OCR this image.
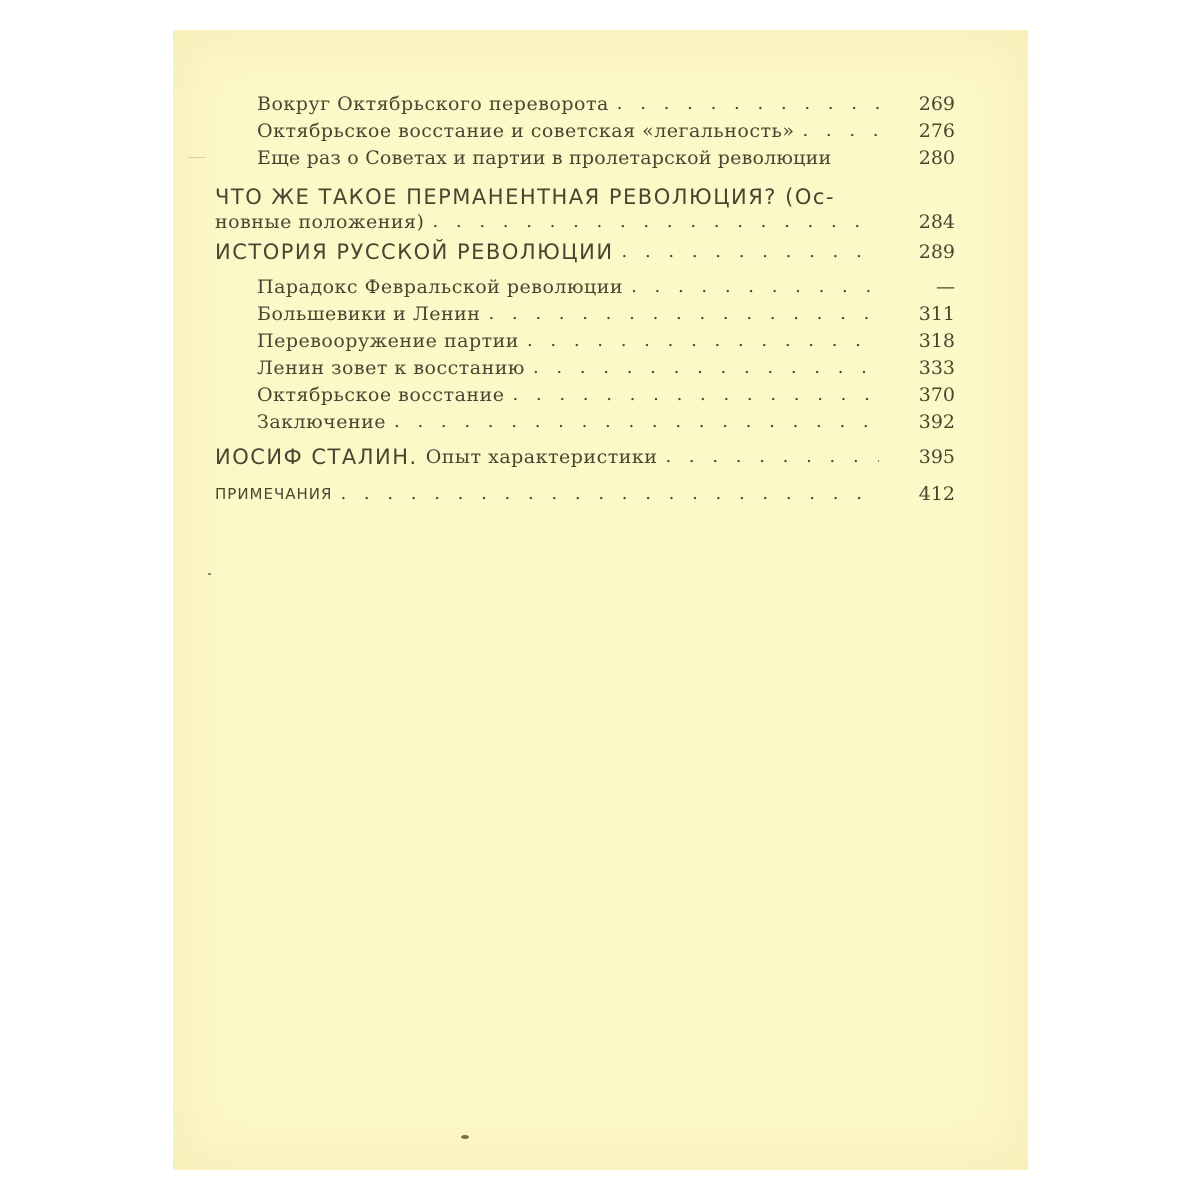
Вокруг Октябрьского переворота . . .	269
Октябрьское восстание и советская «легальность» . . .	276
Еще раз о Советах и партии в пролетарской революции	280
ЧТО ЖЕ ТАКОЕ ПЕРМАНЕНТНАЯ РЕВОЛЮЦИЯ? (Ос-
новные положения) . . .	284
ИСТОРИЯ РУССКОЙ РЕВОЛЮЦИИ . . .	289
Парадокс Февральской революции . . .	—
Большевики и Ленин . . .	311
Перевооружение партии . . .	318
Ленин зовет к восстанию . . .	333
Октябрьское восстание . . .	370
Заключение . . .	392
ИОСИФ СТАЛИН. Опыт характеристики . . .	395
ПРИМЕЧАНИЯ . . .	412
